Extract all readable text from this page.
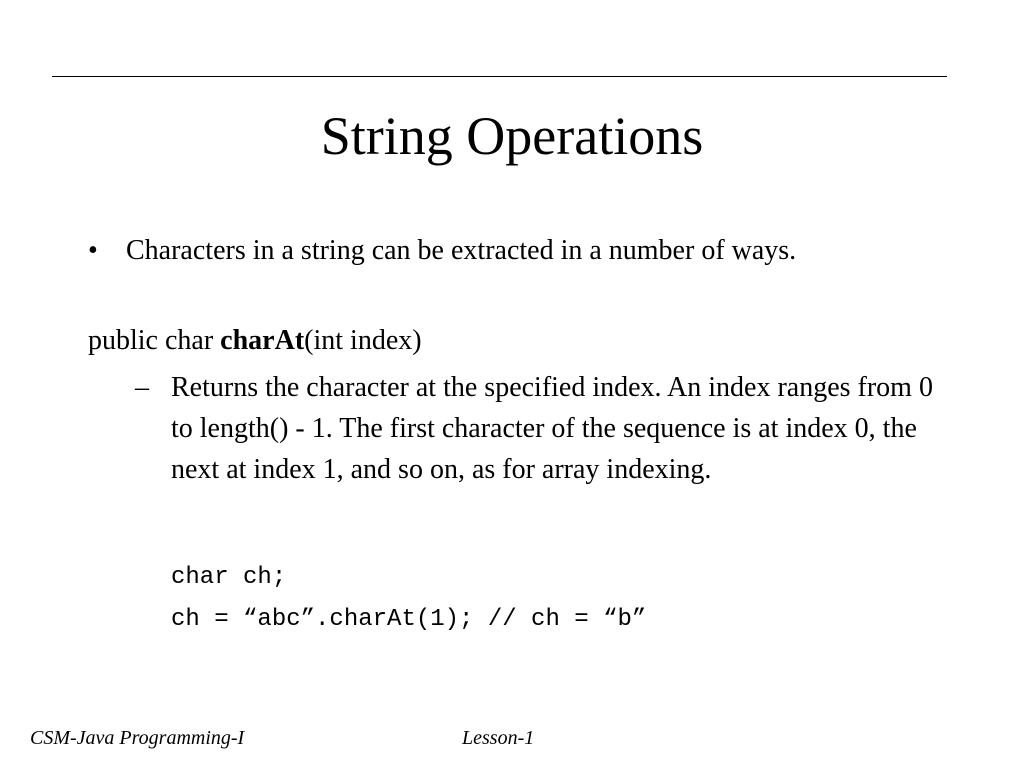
String Operations
• Characters in a string can be extracted in a number of ways.
public char charAt(int index)
– Returns the character at the specified index. An index ranges from 0 to length() - 1. The first character of the sequence is at index 0, the next at index 1, and so on, as for array indexing.
char ch;
ch = “abc”.charAt(1); // ch = “b”
CSM-Java Programming-I	Lesson-1
